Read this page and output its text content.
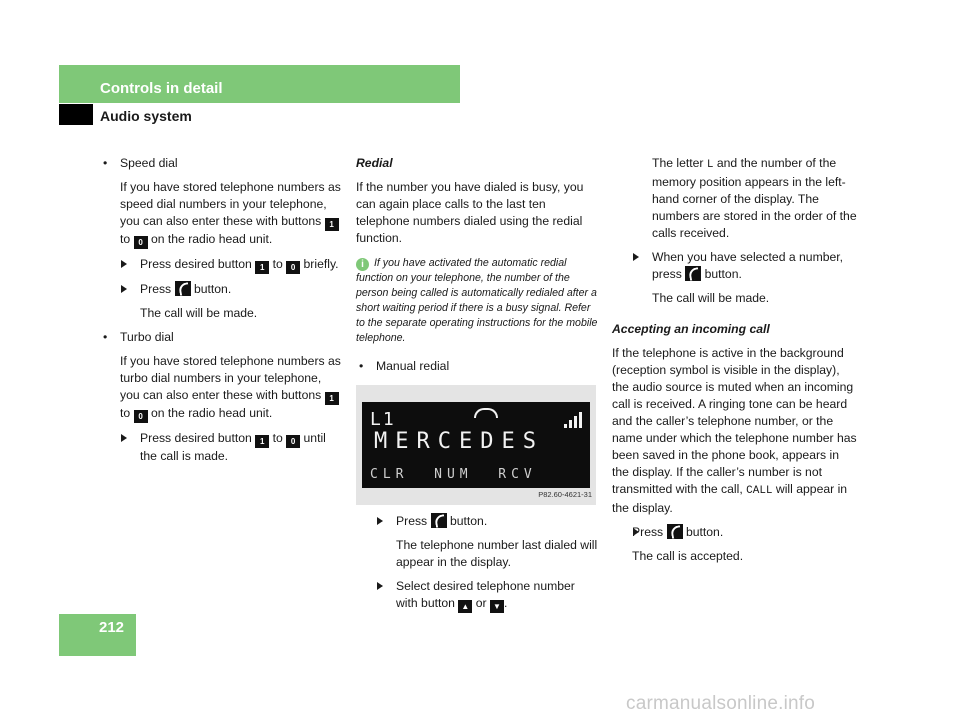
Controls in detail
Audio system

• Speed dial

If you have stored telephone numbers as speed dial numbers in your telephone, you can also enter these with buttons 1 to 0 on the radio head unit.

Press desired button 1 to 0 briefly.

Press button.

The call will be made.

• Turbo dial

If you have stored telephone numbers as turbo dial numbers in your telephone, you can also enter these with buttons 1 to 0 on the radio head unit.

Press desired button 1 to 0 until the call is made.

Redial

If the number you have dialed is busy, you can again place calls to the last ten telephone numbers dialed using the redial function.

i If you have activated the automatic redial function on your telephone, the number of the person being called is automatically redialed after a short waiting period if there is a busy signal. Refer to the separate operating instructions for the mobile telephone.

• Manual redial

L1
MERCEDES
CLR  NUM  RCV
P82.60-4621-31

Press button.

The telephone number last dialed will appear in the display.

Select desired telephone number with button ▲ or ▼ .

The letter L and the number of the memory position appears in the left-hand corner of the display. The numbers are stored in the order of the calls received.

When you have selected a number, press button.

The call will be made.

Accepting an incoming call

If the telephone is active in the background (reception symbol is visible in the display), the audio source is muted when an incoming call is received. A ringing tone can be heard and the caller’s telephone number, or the name under which the telephone number has been saved in the phone book, appears in the display. If the caller’s number is not transmitted with the call, CALL will appear in the display.

Press button.

The call is accepted.

212
carmanualsonline.info
